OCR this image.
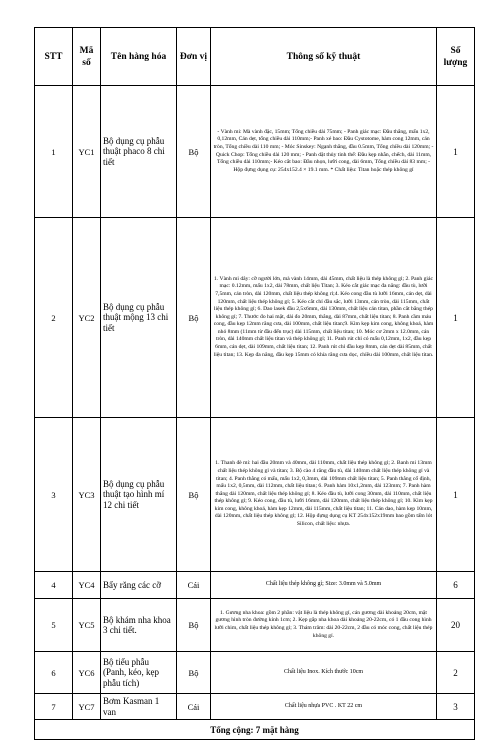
STT	Mã số	Tên hàng hóa	Đơn vị	Thông số kỹ thuật	Số lượng
1	YC1	Bộ dụng cụ phẫu thuật phaco 8 chi tiết	Bộ	- Vành mi: Mà vành đặc, 15mm; Tổng chiều dài 75mm; - Panh giác mạc: Đầu thẳng, mấu 1x2, 0,12mm, Cán dẹt, tổng chiều dài 110mm;- Panh xé bao: Đầu Cystotome, hàm cong 12mm, cán tròn, Tổng chiều dài 110 mm; - Móc Sinskey: Ngạnh thẳng, đầu 0.5mm, Tổng chiều dài 120mm; - Quick Chop: Tổng chiều dài 120 mm; - Panh dặt thủy tinh thể: Đầu kẹp nhẵn, chếch, dài 11mm, Tổng chiều dài 110mm;- Kéo cắt bao: Đầu nhọn, lưỡi cong, dài 6mm, Tổng chiều dài 83 mm; - Hộp đựng dụng cụ: 254x152.4 × 19.1 mm. * Chất liệu: Titan hoặc thép không gỉ	1
2	YC2	Bộ dụng cụ phẫu thuật mộng 13 chi tiết	Bộ	1. Vành mi dây: cỡ người lớn, mà vành 14mm, dài 45mm, chất liệu là thép không gỉ; 2. Panh giác mạc: 0.12mm, mấu 1x2, dài 78mm, chất liệu Titan; 3. Kéo cắt giác mạc đa năng: đầu tù, lưỡi 7,5mm, cán tròn, dài 120mm, chất liệu thép không rỉ;4. Kéo cong đầu tù lưỡi 16mm, cán dẹt, dài 120mm, chất liệu thép không gỉ; 5. Kéo cắt chỉ đầu sắc, lưỡi 13mm, cán tròn, dài 115mm, chất liệu thép không gỉ; 6. Dao lasek đầu 2,5x6mm, dài 130mm, chất liệu cán titan, phần cắt bằng thép không gỉ; 7. Thước đo hai mặt, dài đo 20mm, thẳng, dài 87mm, chất liệu titan; 8. Panh cầm máu cong, đầu kẹp 12mm răng cưa, dài 100mm, chất liệu titan;9. Kìm kẹp kim cong, không khoá, hàm nhỏ 8mm (11mm từ đầu đến trục) dài 115mm, chất liệu titan; 10. Móc cơ 2mm x 12.0mm, cán tròn, dài 140mm chất liệu titan và thép không gỉ; 11. Panh rút chỉ có mấu 0,12mm, 1x2, đầu kẹp 6mm, cán dẹt, dài 109mm, chất liệu titan; 12. Panh rút chỉ đầu kẹp 8mm, cán dẹt dài 85mm, chất liệu titan; 13. Kẹp đa năng, đầu kẹp 15mm có khía răng cưa dọc, chiều dài 100mm, chất liệu titan.	1
3	YC3	Bộ dụng cụ phẫu thuật tạo hình mí 12 chi tiết	Bộ	1. Thanh đè mí: hai đầu 20mm và 40mm, dài 110mm, chất liệu thép không gỉ; 2. Banh mi 13mm chất liệu thép không gỉ và titan; 3. Bộ cào 4 răng đầu tù, dài 140mm chất liệu thép không gỉ và titan; 4. Panh thẳng có mấu, mấu 1x2, 0,3mm, dài 109mm chất liệu titan; 5. Panh thẳng cố định, mấu 1x2, 0,5mm, dài 112mm, chất liệu titan; 6. Panh hàm 10x1,2mm, dài 123mm; 7. Panh hàm thẳng dài 120mm, chất liệu thép không gỉ; 8. Kéo đầu tù, lưỡi cong 30mm, dài 110mm, chất liệu thép không gỉ; 9. Kéo cong, đầu tù, lưỡi 16mm, dài 120mm, chất liệu thép không gỉ; 10. Kìm kẹp kim cong, không khoá, hàm kẹp 12mm, dài 115mm, chất liệu titan; 11. Cán dao, hàm kẹp 10mm, dài 120mm, chất liệu thép không gỉ; 12. Hộp đựng dụng cụ KT 254x152x19mm bao gồm tấm lót Silicon, chất liệu: nhựa.	1
4	YC4	Bẩy răng các cỡ	Cái	Chất liệu thép không gỉ; Size: 3.0mm và 5.0mm	6
5	YC5	Bộ khám nha khoa 3 chi tiết.	Bộ	1. Gương nha khoa: gồm 2 phần: vật liệu là thép không gỉ, cán gương dài khoảng 20cm, mặt gương hình tròn đường kính 1cm; 2. Kẹp gắp nha khoa dài khoảng 20-22cm, có 1 đầu cong hình lưỡi chim, chất liệu thép không gỉ; 3. Thám trâm: dài 20-22cm, 2 đầu có móc cong, chất liệu thép không gỉ.	20
6	YC6	Bộ tiểu phẫu (Panh, kéo, kẹp phẫu tích)	Bộ	Chất liệu Inox. Kích thước 10cm	2
7	YC7	Bơm Kasman 1 van	Cái	Chất liệu nhựa PVC . KT 22 cm	3
Tổng cộng: 7 mặt hàng					
